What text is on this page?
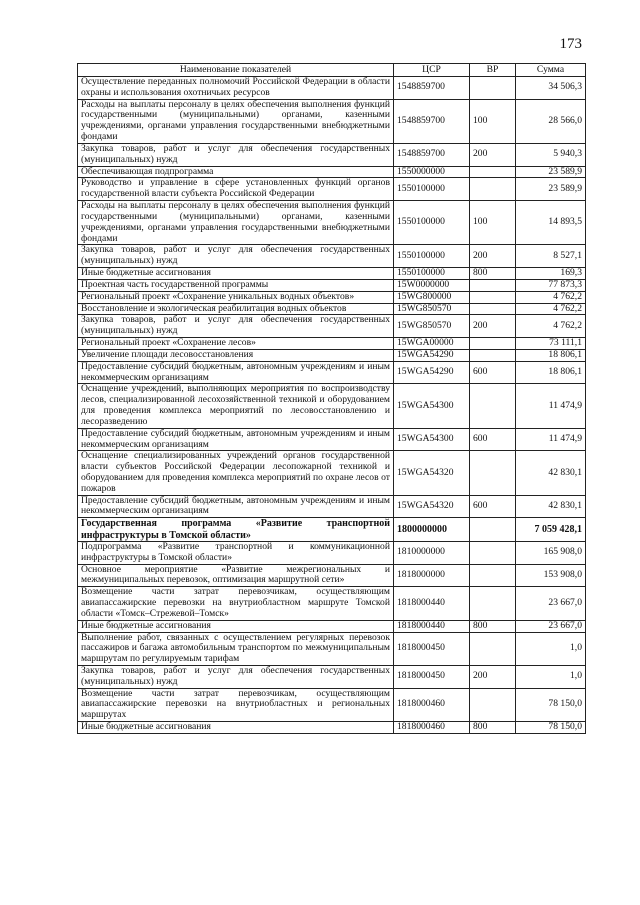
173
Наименование показателей	ЦСР	ВР	Сумма
Осуществление переданных полномочий Российской Федерации в области охраны и использования охотничьих ресурсов	1548859700		34 506,3
Расходы на выплаты персоналу в целях обеспечения выполнения функций государственными (муниципальными) органами, казенными учреждениями, органами управления государственными внебюджетными фондами	1548859700	100	28 566,0
Закупка товаров, работ и услуг для обеспечения государственных (муниципальных) нужд	1548859700	200	5 940,3
Обеспечивающая подпрограмма	1550000000		23 589,9
Руководство и управление в сфере установленных функций органов государственной власти субъекта Российской Федерации	1550100000		23 589,9
Расходы на выплаты персоналу в целях обеспечения выполнения функций государственными (муниципальными) органами, казенными учреждениями, органами управления государственными внебюджетными фондами	1550100000	100	14 893,5
Закупка товаров, работ и услуг для обеспечения государственных (муниципальных) нужд	1550100000	200	8 527,1
Иные бюджетные ассигнования	1550100000	800	169,3
Проектная часть государственной программы	15W0000000		77 873,3
Региональный проект «Сохранение уникальных водных объектов»	15WG800000		4 762,2
Восстановление и экологическая реабилитация водных объектов	15WG850570		4 762,2
Закупка товаров, работ и услуг для обеспечения государственных (муниципальных) нужд	15WG850570	200	4 762,2
Региональный проект «Сохранение лесов»	15WGA00000		73 111,1
Увеличение площади лесовосстановления	15WGA54290		18 806,1
Предоставление субсидий бюджетным, автономным учреждениям и иным некоммерческим организациям	15WGA54290	600	18 806,1
Оснащение учреждений, выполняющих мероприятия по воспроизводству лесов, специализированной лесохозяйственной техникой и оборудованием для проведения комплекса мероприятий по лесовосстановлению и лесоразведению	15WGA54300		11 474,9
Предоставление субсидий бюджетным, автономным учреждениям и иным некоммерческим организациям	15WGA54300	600	11 474,9
Оснащение специализированных учреждений органов государственной власти субъектов Российской Федерации лесопожарной техникой и оборудованием для проведения комплекса мероприятий по охране лесов от пожаров	15WGA54320		42 830,1
Предоставление субсидий бюджетным, автономным учреждениям и иным некоммерческим организациям	15WGA54320	600	42 830,1
Государственная программа «Развитие транспортной инфраструктуры в Томской области»	1800000000		7 059 428,1
Подпрограмма «Развитие транспортной и коммуникационной инфраструктуры в Томской области»	1810000000		165 908,0
Основное мероприятие «Развитие межрегиональных и межмуниципальных перевозок, оптимизация маршрутной сети»	1818000000		153 908,0
Возмещение части затрат перевозчикам, осуществляющим авиапассажирские перевозки на внутриобластном маршруте Томской области «Томск–Стрежевой–Томск»	1818000440		23 667,0
Иные бюджетные ассигнования	1818000440	800	23 667,0
Выполнение работ, связанных с осуществлением регулярных перевозок пассажиров и багажа автомобильным транспортом по межмуниципальным маршрутам по регулируемым тарифам	1818000450		1,0
Закупка товаров, работ и услуг для обеспечения государственных (муниципальных) нужд	1818000450	200	1,0
Возмещение части затрат перевозчикам, осуществляющим авиапассажирские перевозки на внутриобластных и региональных маршрутах	1818000460		78 150,0
Иные бюджетные ассигнования	1818000460	800	78 150,0
